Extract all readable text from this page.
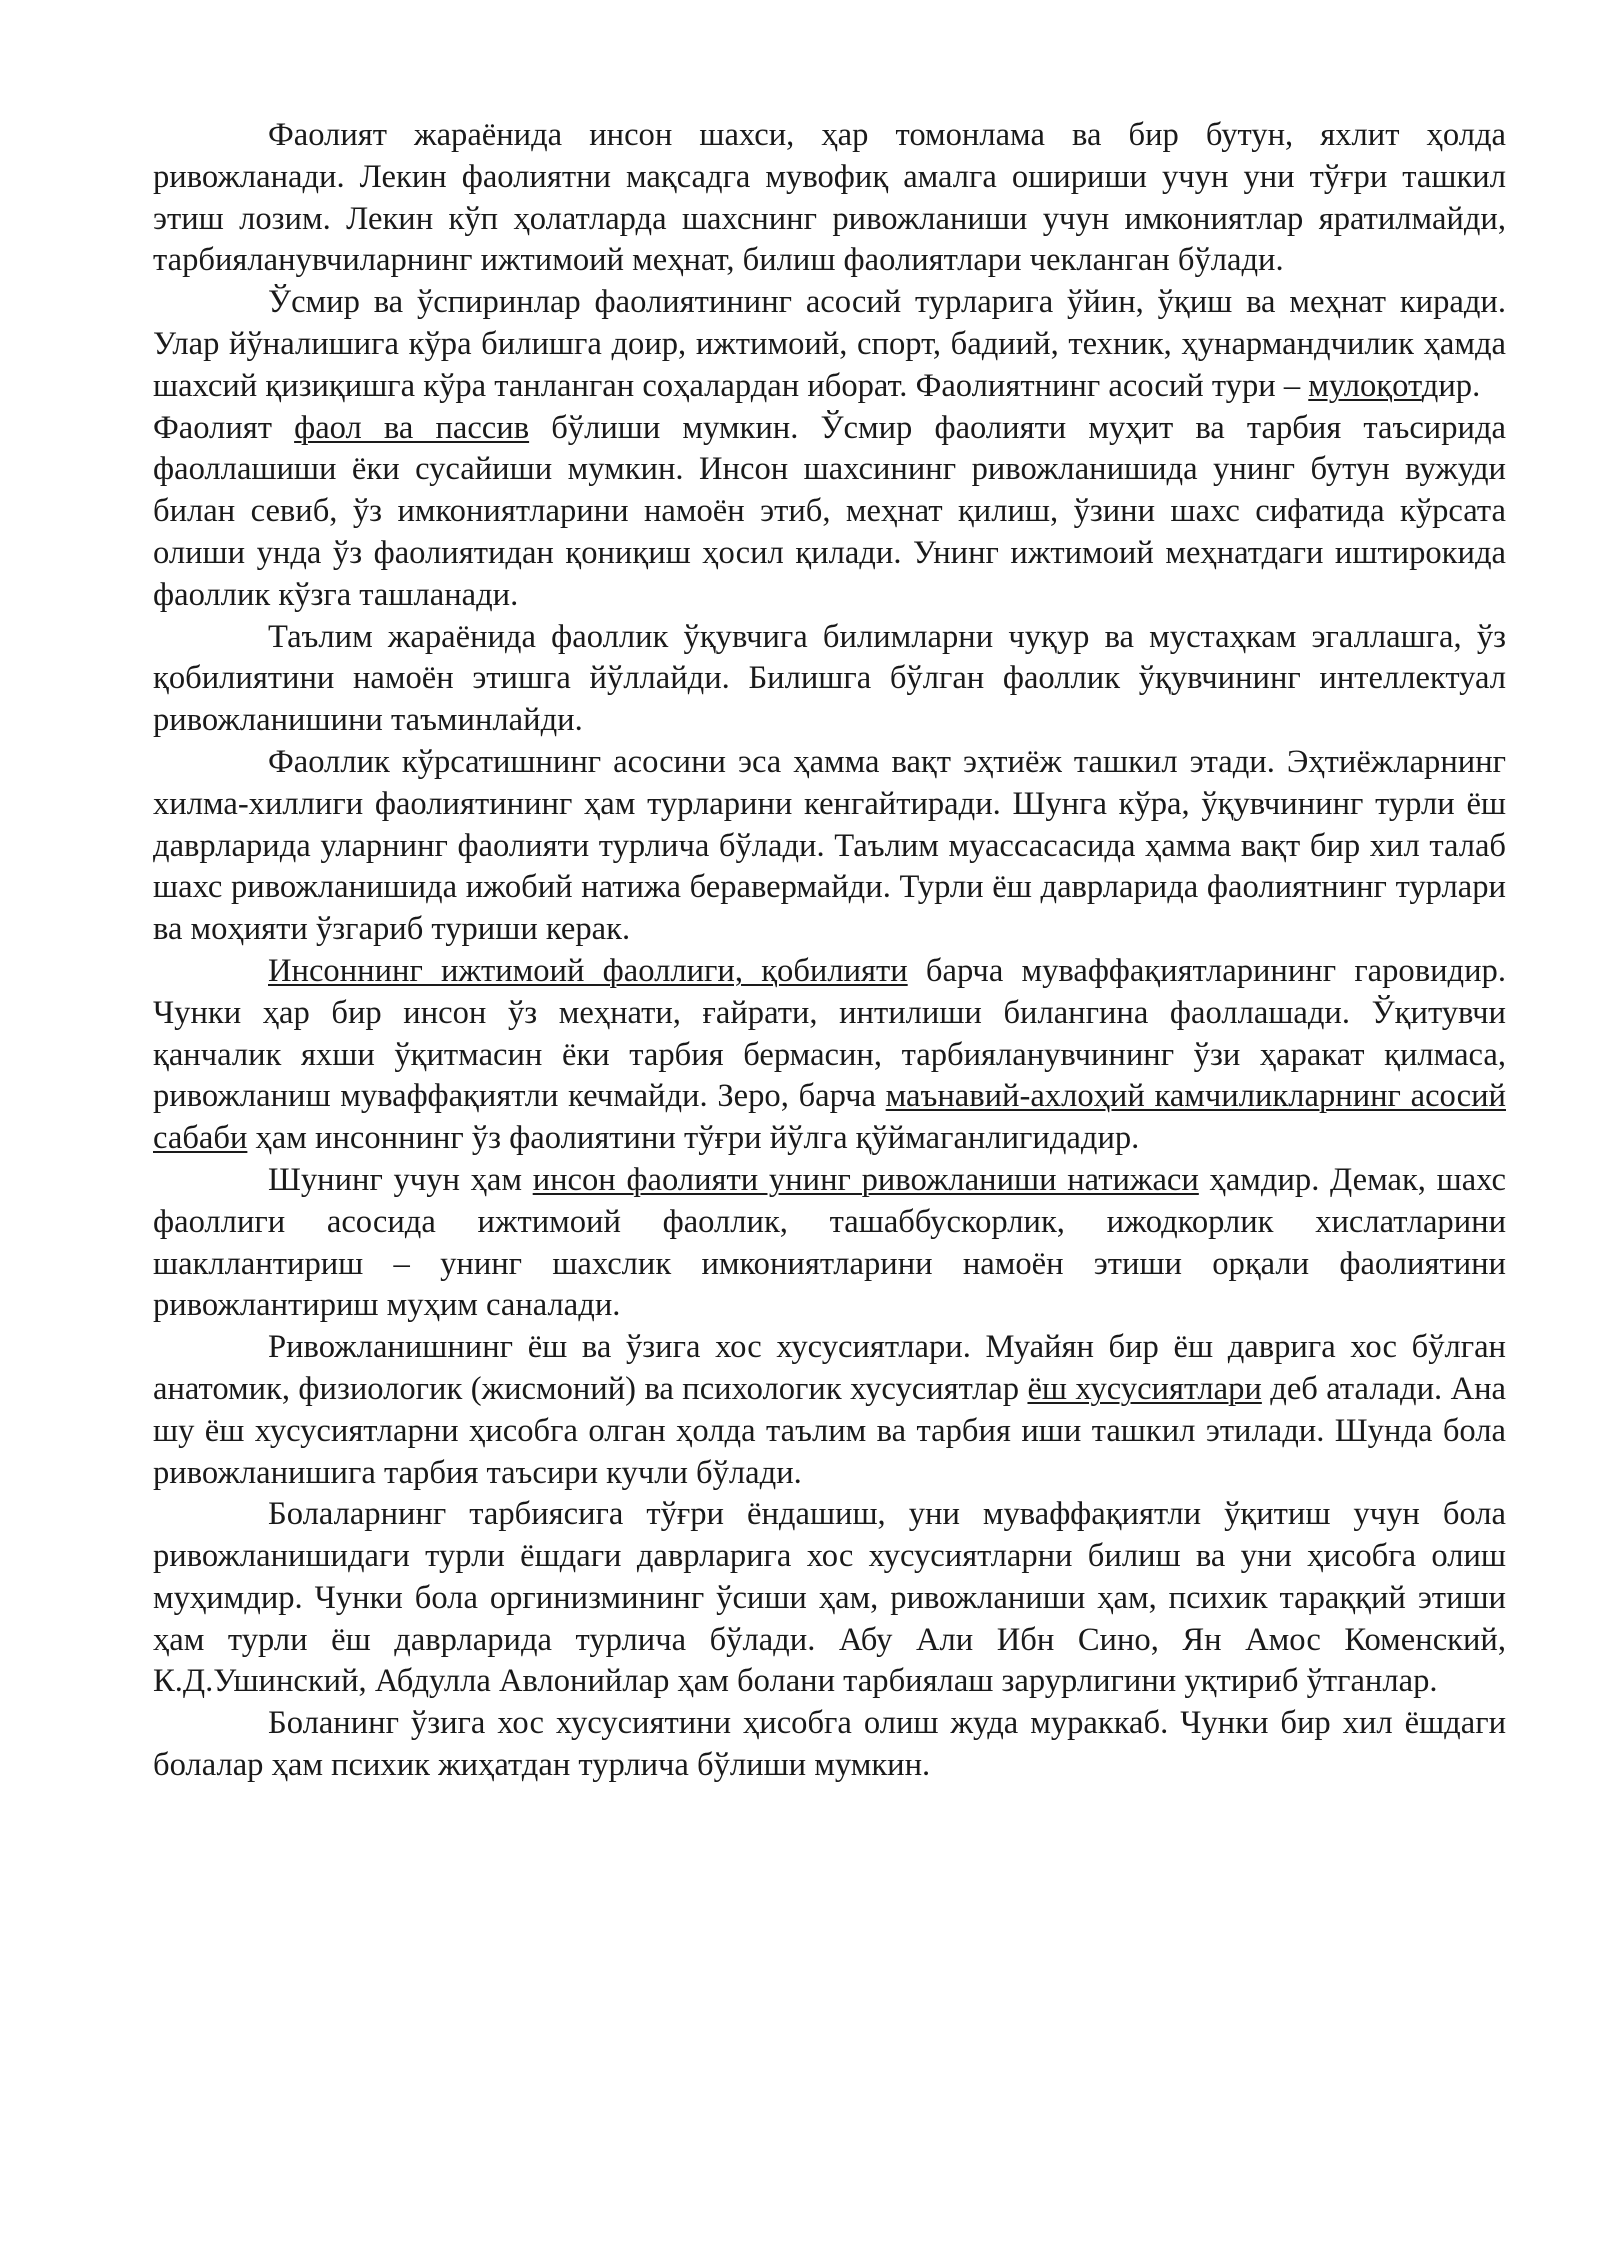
Фаолият жараёнида инсон шахси, ҳар томонлама ва бир бутун, яхлит ҳолда ривожланади. Лекин фаолиятни мақсадга мувофиқ амалга ошириши учун уни тўғри ташкил этиш лозим. Лекин кўп ҳолатларда шахснинг ривожланиши учун имкониятлар яратилмайди, тарбияланувчиларнинг ижтимоий меҳнат, билиш фаолиятлари чекланган бўлади.

Ўсмир ва ўспиринлар фаолиятининг асосий турларига ўйин, ўқиш ва меҳнат киради. Улар йўналишига кўра билишга доир, ижтимоий, спорт, бадиий, техник, ҳунармандчилик ҳамда шахсий қизиқишга кўра танланган соҳалардан иборат. Фаолиятнинг асосий тури – мулоқотдир.

Фаолият фаол ва пассив бўлиши мумкин. Ўсмир фаолияти муҳит ва тарбия таъсирида фаоллашиши ёки сусайиши мумкин. Инсон шахсининг ривожланишида унинг бутун вужуди билан севиб, ўз имкониятларини намоён этиб, меҳнат қилиш, ўзини шахс сифатида кўрсата олиши унда ўз фаолиятидан қониқиш ҳосил қилади. Унинг ижтимоий меҳнатдаги иштирокида фаоллик кўзга ташланади.

Таълим жараёнида фаоллик ўқувчига билимларни чуқур ва мустаҳкам эгаллашга, ўз қобилиятини намоён этишга йўллайди. Билишга бўлган фаоллик ўқувчининг интеллектуал ривожланишини таъминлайди.

Фаоллик кўрсатишнинг асосини эса ҳамма вақт эҳтиёж ташкил этади. Эҳтиёжларнинг хилма-хиллиги фаолиятининг ҳам турларини кенгайтиради. Шунга кўра, ўқувчининг турли ёш даврларида уларнинг фаолияти турлича бўлади. Таълим муассасасида ҳамма вақт бир хил талаб шахс ривожланишида ижобий натижа беравермайди. Турли ёш даврларида фаолиятнинг турлари ва моҳияти ўзгариб туриши керак.

Инсоннинг ижтимоий фаоллиги, қобилияти барча муваффақиятларининг гаровидир. Чунки ҳар бир инсон ўз меҳнати, ғайрати, интилиши билангина фаоллашади. Ўқитувчи қанчалик яхши ўқитмасин ёки тарбия бермасин, тарбияланувчининг ўзи ҳаракат қилмаса, ривожланиш муваффақиятли кечмайди. Зеро, барча маънавий-ахлоҳий камчиликларнинг асосий сабаби ҳам инсоннинг ўз фаолиятини тўғри йўлга қўймаганлигидадир.

Шунинг учун ҳам инсон фаолияти унинг ривожланиши натижаси ҳамдир. Демак, шахс фаоллиги асосида ижтимоий фаоллик, ташаббускорлик, ижодкорлик хислатларини шакллантириш – унинг шахслик имкониятларини намоён этиши орқали фаолиятини ривожлантириш муҳим саналади.

Ривожланишнинг ёш ва ўзига хос хусусиятлари. Муайян бир ёш даврига хос бўлган анатомик, физиологик (жисмоний) ва психологик хусусиятлар ёш хусусиятлари деб аталади. Ана шу ёш хусусиятларни ҳисобга олган ҳолда таълим ва тарбия иши ташкил этилади. Шунда бола ривожланишига тарбия таъсири кучли бўлади.

Болаларнинг тарбиясига тўғри ёндашиш, уни муваффақиятли ўқитиш учун бола ривожланишидаги турли ёшдаги даврларига хос хусусиятларни билиш ва уни ҳисобга олиш муҳимдир. Чунки бола оргинизмининг ўсиши ҳам, ривожланиши ҳам, психик тараққий этиши ҳам турли ёш даврларида турлича бўлади. Абу Али Ибн Сино, Ян Амос Коменский, К.Д.Ушинский, Абдулла Авлонийлар ҳам болани тарбиялаш зарурлигини уқтириб ўтганлар.

Боланинг ўзига хос хусусиятини ҳисобга олиш жуда мураккаб. Чунки бир хил ёшдаги болалар ҳам психик жиҳатдан турлича бўлиши мумкин.
